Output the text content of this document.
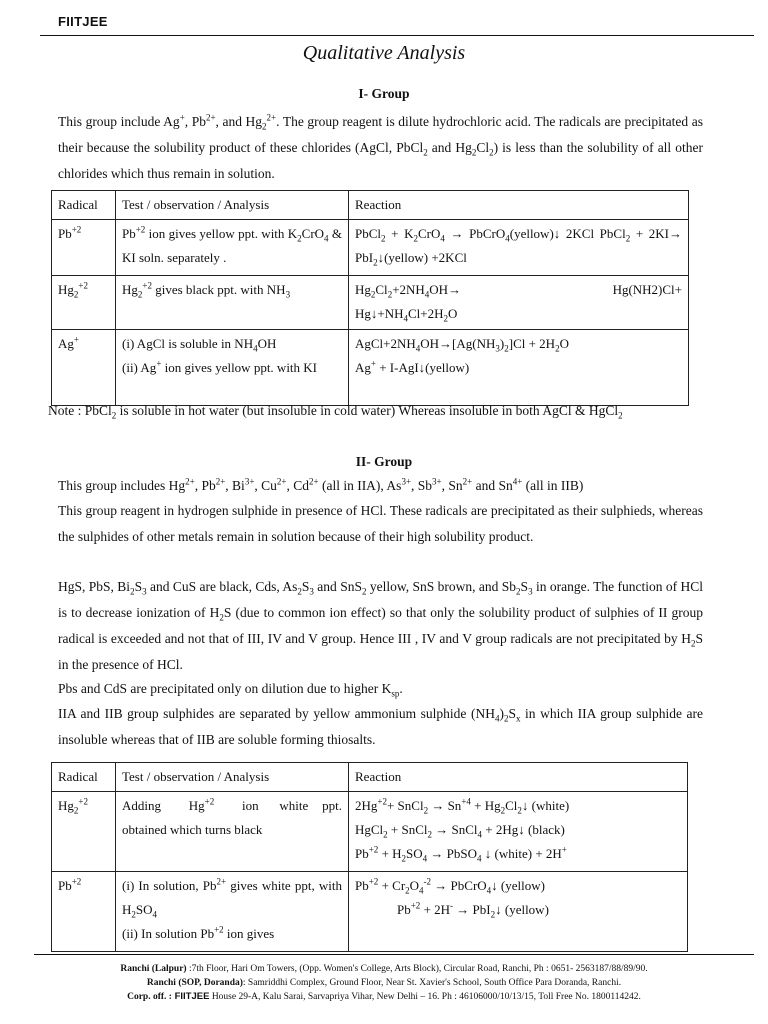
FIITJEE
Qualitative Analysis
I- Group
This group include Ag+, $Pb^{2+}$, and $Hg_2^{2+}$. The group reagent is dilute hydrochloric acid. The radicals are precipitated as their because the solubility product of these chlorides (AgCl, PbCl$_2$ and $Hg_2Cl_2$) is less than the solubility of all other chlorides which thus remain in solution.
Radical	Test / observation / Analysis	Reaction
$Pb^{+2}$	$Pb^{+2}$ ion gives yellow ppt. with $K_2CrO_4$ & KI soln. separately .	PbCl$_2$ + $K_2CrO_4$ → PbCrO$_4$(yellow)↓ 2KCl PbCl$_2$ + 2KI→ PbI$_2$↓(yellow) +2KCl
$Hg_2^{+2}$	$Hg_2^{+2}$ gives black ppt. with $NH_3$	$Hg_2Cl_2+2NH_4OH\to Hg(NH2)Cl+$

$Hg↓+NH_4Cl+2H_2O$
Ag+	(i) AgCl is soluble in $NH_4OH$
(ii) Ag+ ion gives yellow ppt. with KI	$AgCl+2NH_4OH\to[Ag(NH_3)_2]Cl + 2H_2O$
Ag+ + I-AgI↓(yellow)
Note : PbCl$_2$ is soluble in hot water (but insoluble in cold water) Whereas insoluble in both AgCl & HgCl$_2$
II- Group
This group includes $Hg^{2+}$, $Pb^{2+}$, $Bi^{3+}$, $Cu^{2+}$, $Cd^{2+}$ (all in IIA), $As^{3+}$, $Sb^{3+}$, $Sn^{2+}$ and $Sn^{4+}$ (all in IIB)
This group reagent in hydrogen sulphide in presence of HCl. These radicals are precipitated as their sulphieds, whereas the sulphides of other metals remain in solution because of their high solubility product.
HgS, PbS, $Bi_2S_3$ and CuS are black, Cds, $As_2S_3$ and SnS$_2$ yellow, SnS brown, and $Sb_2S_3$ in orange. The function of HCl is to decrease ionization of $H_2S$ (due to common ion effect) so that only the solubility product of sulphies of II group radical is exceeded and not that of III, IV and V group. Hence III , IV and V group radicals are not precipitated by $H_2S$ in the presence of HCl.
Pbs and CdS are precipitated only on dilution due to higher $K_{sp}$.
IIA and IIB group sulphides are separated by yellow ammonium sulphide $(NH_4)_2S_x$ in which IIA group sulphide are insoluble whereas that of IIB are soluble forming thiosalts.
Radical	Test / observation / Analysis	Reaction
$Hg_2^{+2}$	Adding    $Hg^{+2}$    ion   white  ppt. obtained which turns black	$2Hg^{+2}+$ SnCl$_2$ → $Sn^{+4}$ + $Hg_2Cl_2↓$ (white)
HgCl$_2$ + SnCl$_2$ → SnCl$_4$ + 2Hg↓ (black)
$Pb^{+2} + H_2SO_4$ → PbSO$_4$ ↓ (white) + 2H+
$Pb^{+2}$	(i) In solution, $Pb^{2+}$ gives white ppt, with $H_2SO_4$
(ii) In solution $Pb^{+2}$ ion gives	$Pb^{+2} + Cr_2O_4^{-2}$ → PbCrO$_4$↓ (yellow)
$Pb^{+2} + 2H^-$ → PbI$_2$↓ (yellow)
Ranchi (Lalpur) :7th Floor, Hari Om Towers, (Opp. Women's College, Arts Block), Circular Road, Ranchi, Ph : 0651- 2563187/88/89/90.
Ranchi (SOP, Doranda): Samriddhi Complex, Ground Floor, Near St. Xavier's School, South Office Para Doranda, Ranchi.
Corp. off. : FIITJEE House 29-A, Kalu Sarai, Sarvapriya Vihar, New Delhi – 16. Ph : 46106000/10/13/15, Toll Free No. 1800114242.
